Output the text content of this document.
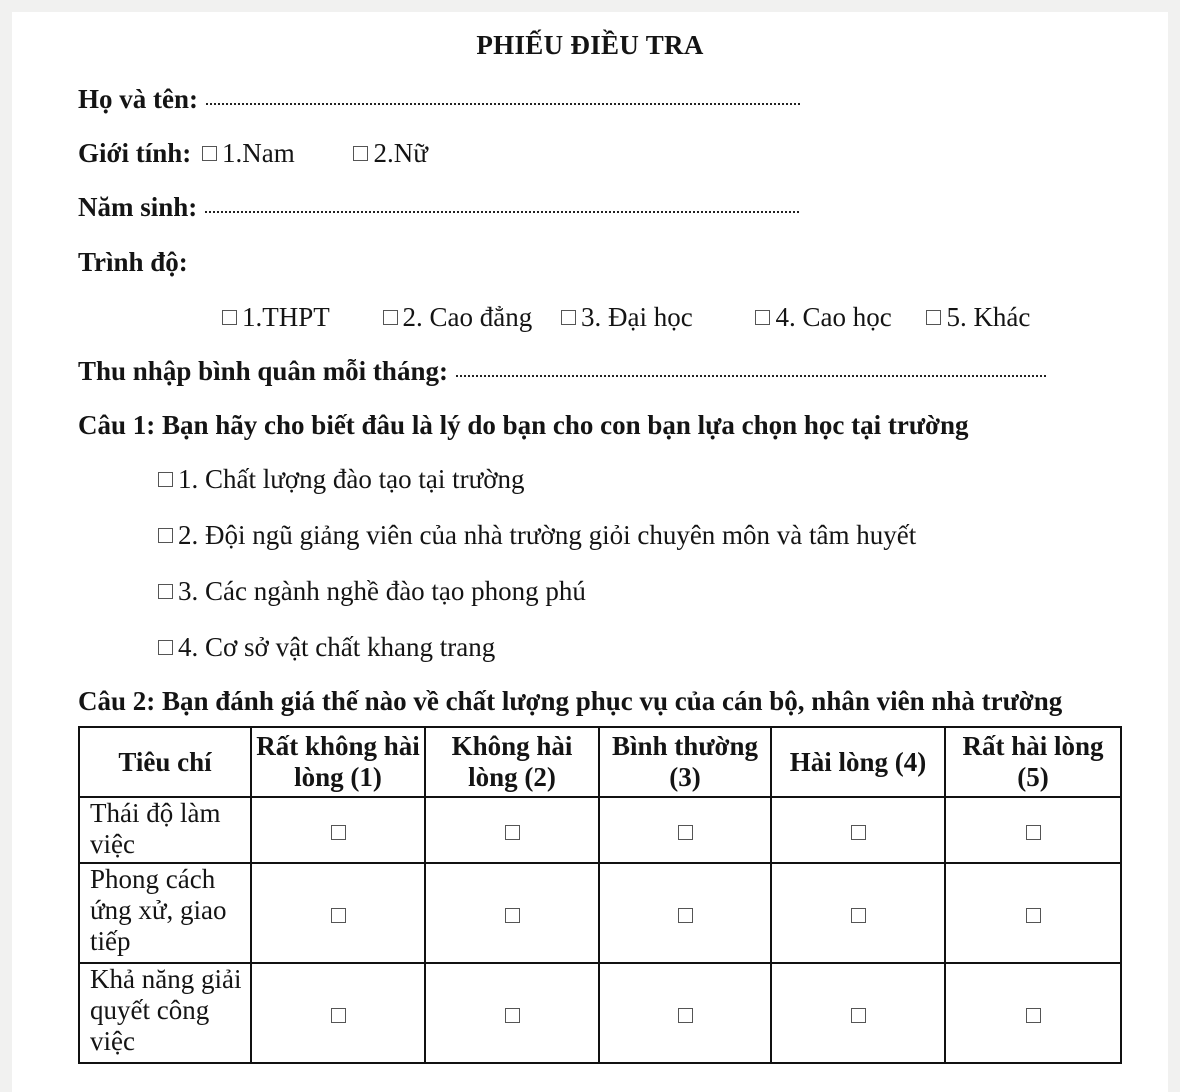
PHIẾU ĐIỀU TRA
Họ và tên:
Giới tính: 1.Nam	2.Nữ
Năm sinh:
Trình độ:
1.THPT	2. Cao đẳng 3. Đại học	4. Cao học 5. Khác
Thu nhập bình quân mỗi tháng:
Câu 1: Bạn hãy cho biết đâu là lý do bạn cho con bạn lựa chọn học tại trường
1. Chất lượng đào tạo tại trường
2. Đội ngũ giảng viên của nhà trường giỏi chuyên môn và tâm huyết
3. Các ngành nghề đào tạo phong phú
4. Cơ sở vật chất khang trang
Câu 2: Bạn đánh giá thế nào về chất lượng phục vụ của cán bộ, nhân viên nhà trường
Tiêu chí	Rất không hài lòng (1)	Không hài lòng (2)	Bình thường (3)	Hài lòng (4)	Rất hài lòng (5)
Thái độ làm việc					
Phong cách ứng xử, giao tiếp					
Khả năng giải quyết công việc					
